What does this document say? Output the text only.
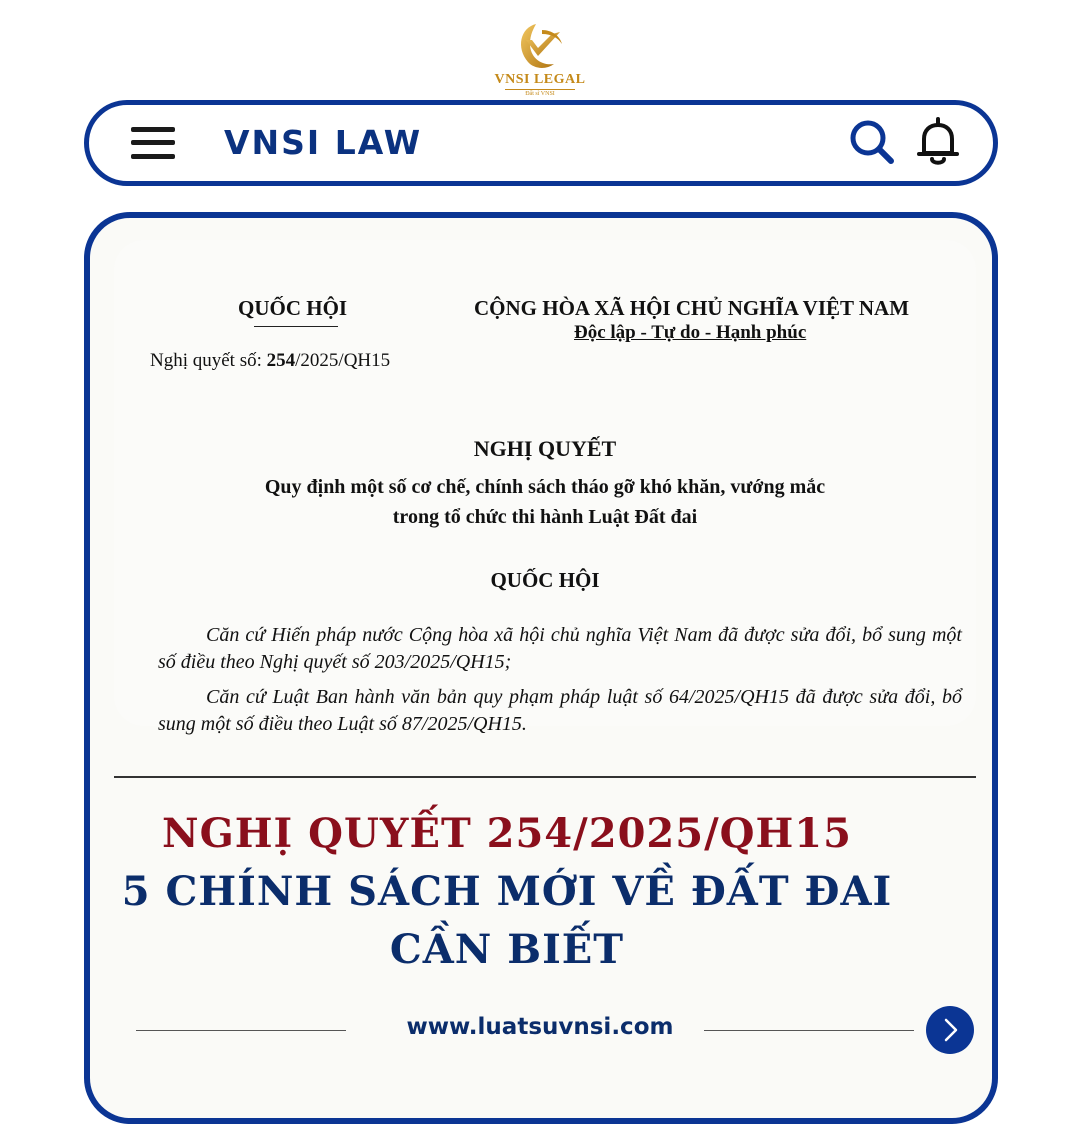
VNSI LEGAL
Đất sĩ VNSI
VNSI LAW
QUỐC HỘI
Nghị quyết số: 254/2025/QH15
CỘNG HÒA XÃ HỘI CHỦ NGHĨA VIỆT NAM
Độc lập - Tự do - Hạnh phúc
NGHỊ QUYẾT
Quy định một số cơ chế, chính sách tháo gỡ khó khăn, vướng mắc
trong tổ chức thi hành Luật Đất đai
QUỐC HỘI
Căn cứ Hiến pháp nước Cộng hòa xã hội chủ nghĩa Việt Nam đã được sửa đổi, bổ sung một số điều theo Nghị quyết số 203/2025/QH15;
Căn cứ Luật Ban hành văn bản quy phạm pháp luật số 64/2025/QH15 đã được sửa đổi, bổ sung một số điều theo Luật số 87/2025/QH15.
NGHỊ QUYẾT 254/2025/QH15
5 CHÍNH SÁCH MỚI VỀ ĐẤT ĐAI
CẦN BIẾT
www.luatsuvnsi.com
